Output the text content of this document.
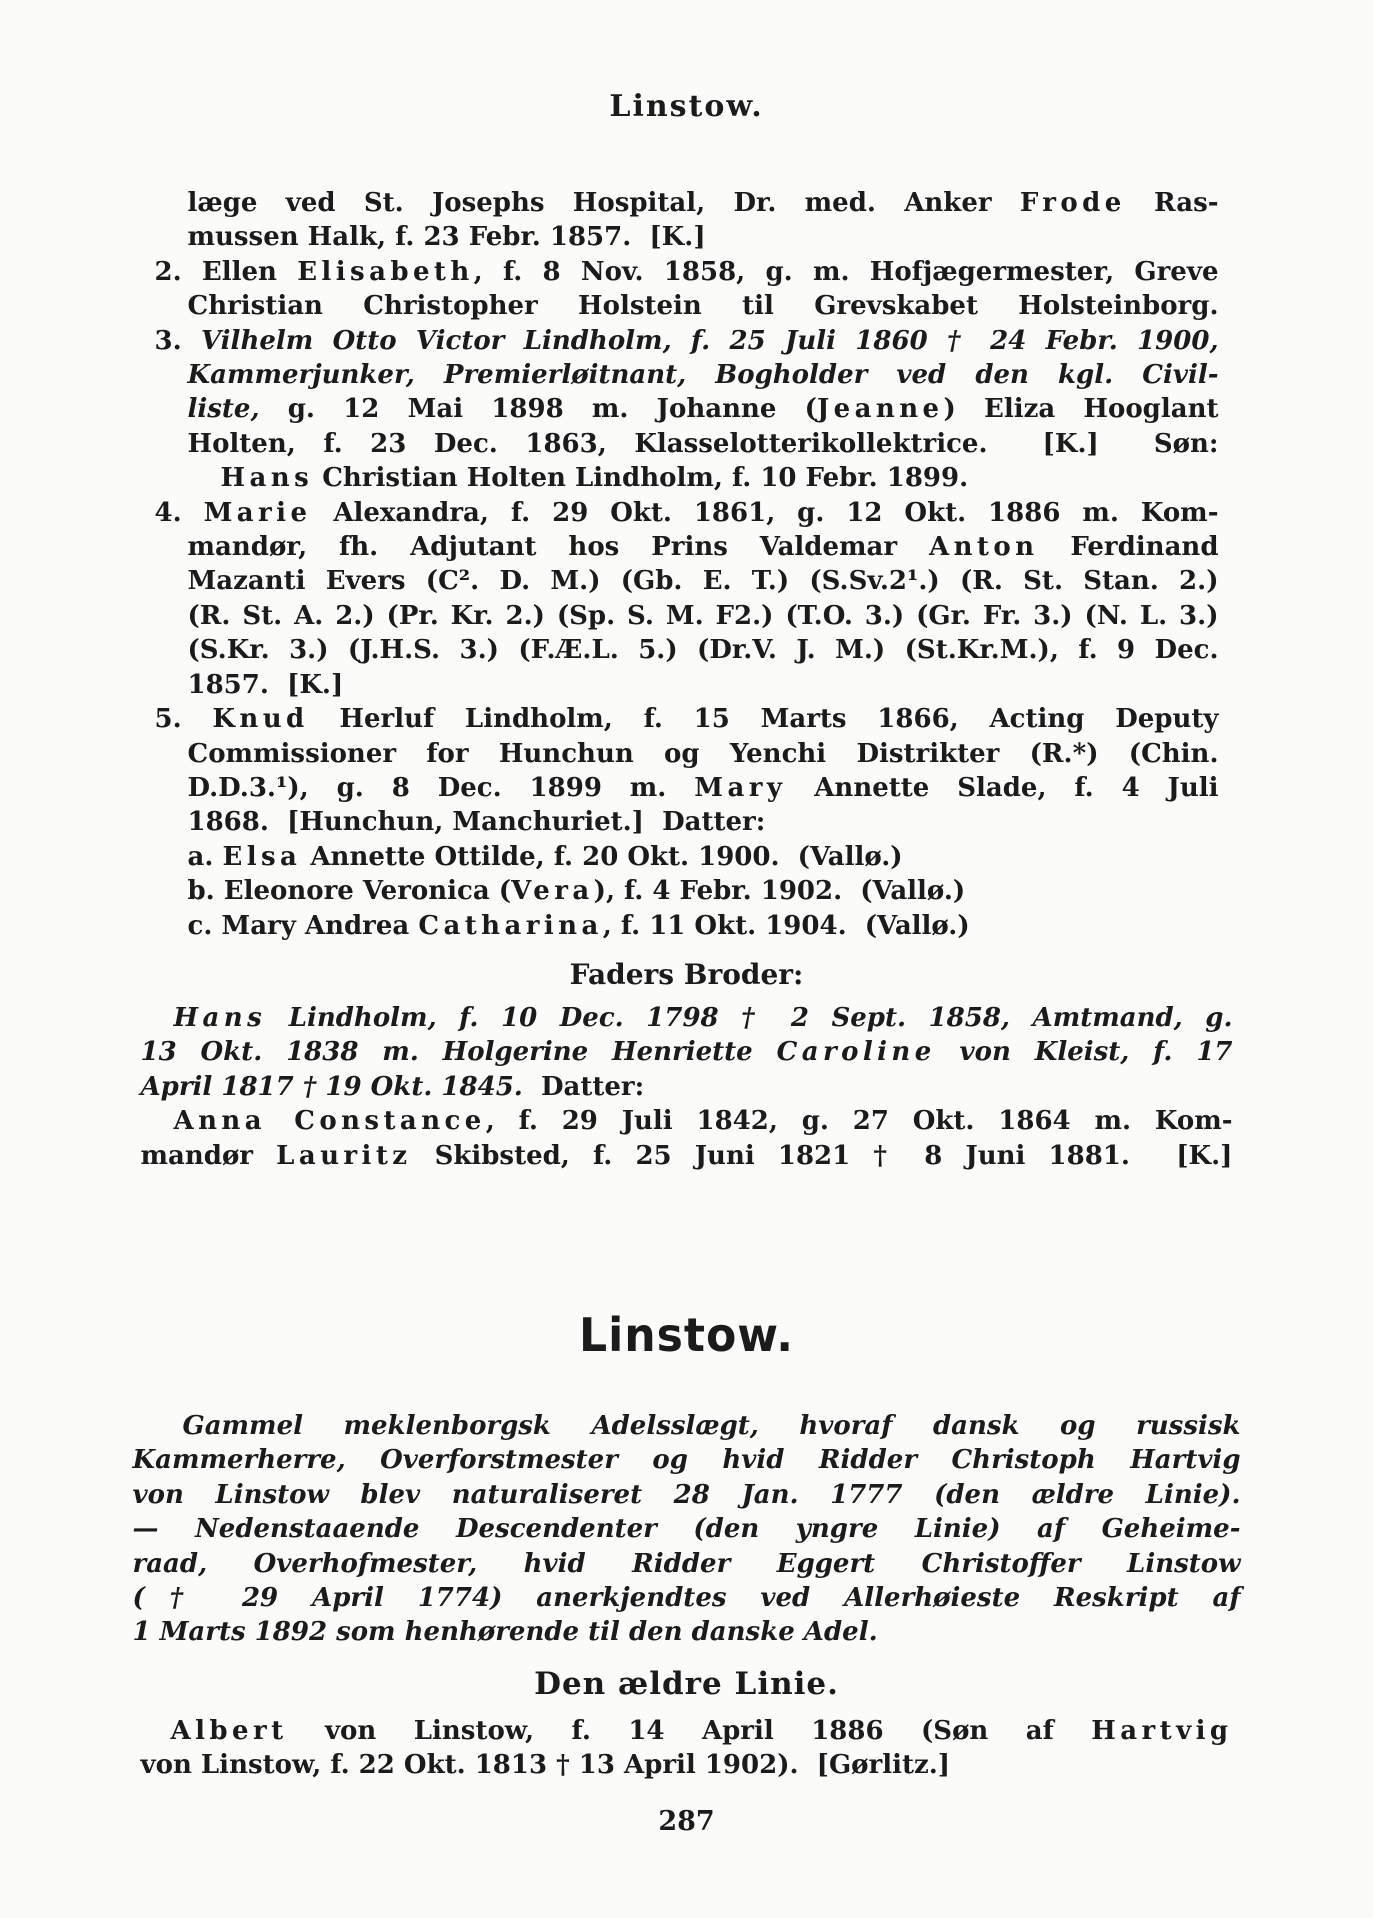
Linstow.
læge ved St. Josephs Hospital, Dr. med. Anker Frode Ras-
mussen Halk, f. 23 Febr. 1857.  [K.]
2. Ellen Elisabeth, f. 8 Nov. 1858, g. m. Hofjægermester, Greve
Christian Christopher Holstein til Grevskabet Holsteinborg.
3. Vilhelm Otto Victor Lindholm, f. 25 Juli 1860 † 24 Febr. 1900,
Kammerjunker, Premierløitnant, Bogholder ved den kgl. Civil-
liste, g. 12 Mai 1898 m. Johanne (Jeanne) Eliza Hooglant
Holten, f. 23 Dec. 1863, Klasselotterikollektrice.  [K.]  Søn:
Hans Christian Holten Lindholm, f. 10 Febr. 1899.
4. Marie Alexandra, f. 29 Okt. 1861, g. 12 Okt. 1886 m. Kom-
mandør, fh. Adjutant hos Prins Valdemar Anton Ferdinand
Mazanti Evers (C². D. M.) (Gb. E. T.) (S.Sv.2¹.) (R. St. Stan. 2.)
(R. St. A. 2.) (Pr. Kr. 2.) (Sp. S. M. F2.) (T.O. 3.) (Gr. Fr. 3.) (N. L. 3.)
(S.Kr. 3.) (J.H.S. 3.) (F.Æ.L. 5.) (Dr.V. J. M.) (St.Kr.M.), f. 9 Dec.
1857.  [K.]
5. Knud Herluf Lindholm, f. 15 Marts 1866, Acting Deputy
Commissioner for Hunchun og Yenchi Distrikter (R.*) (Chin.
D.D.3.¹), g. 8 Dec. 1899 m. Mary Annette Slade, f. 4 Juli
1868.  [Hunchun, Manchuriet.]  Datter:
a. Elsa Annette Ottilde, f. 20 Okt. 1900.  (Vallø.)
b. Eleonore Veronica (Vera), f. 4 Febr. 1902.  (Vallø.)
c. Mary Andrea Catharina, f. 11 Okt. 1904.  (Vallø.)
Faders Broder:
Hans Lindholm, f. 10 Dec. 1798 † 2 Sept. 1858, Amtmand, g.
13 Okt. 1838 m. Holgerine Henriette Caroline von Kleist, f. 17
April 1817 † 19 Okt. 1845.  Datter:
Anna Constance, f. 29 Juli 1842, g. 27 Okt. 1864 m. Kom-
mandør Lauritz Skibsted, f. 25 Juni 1821 † 8 Juni 1881.  [K.]
Linstow.
Gammel meklenborgsk Adelsslægt, hvoraf dansk og russisk
Kammerherre, Overforstmester og hvid Ridder Christoph Hartvig
von Linstow blev naturaliseret 28 Jan. 1777 (den ældre Linie).
— Nedenstaaende Descendenter (den yngre Linie) af Geheime-
raad, Overhofmester, hvid Ridder Eggert Christoffer Linstow
(† 29 April 1774) anerkjendtes ved Allerhøieste Reskript af
1 Marts 1892 som henhørende til den danske Adel.
Den ældre Linie.
Albert von Linstow, f. 14 April 1886 (Søn af Hartvig
von Linstow, f. 22 Okt. 1813 † 13 April 1902).  [Gørlitz.]
287
